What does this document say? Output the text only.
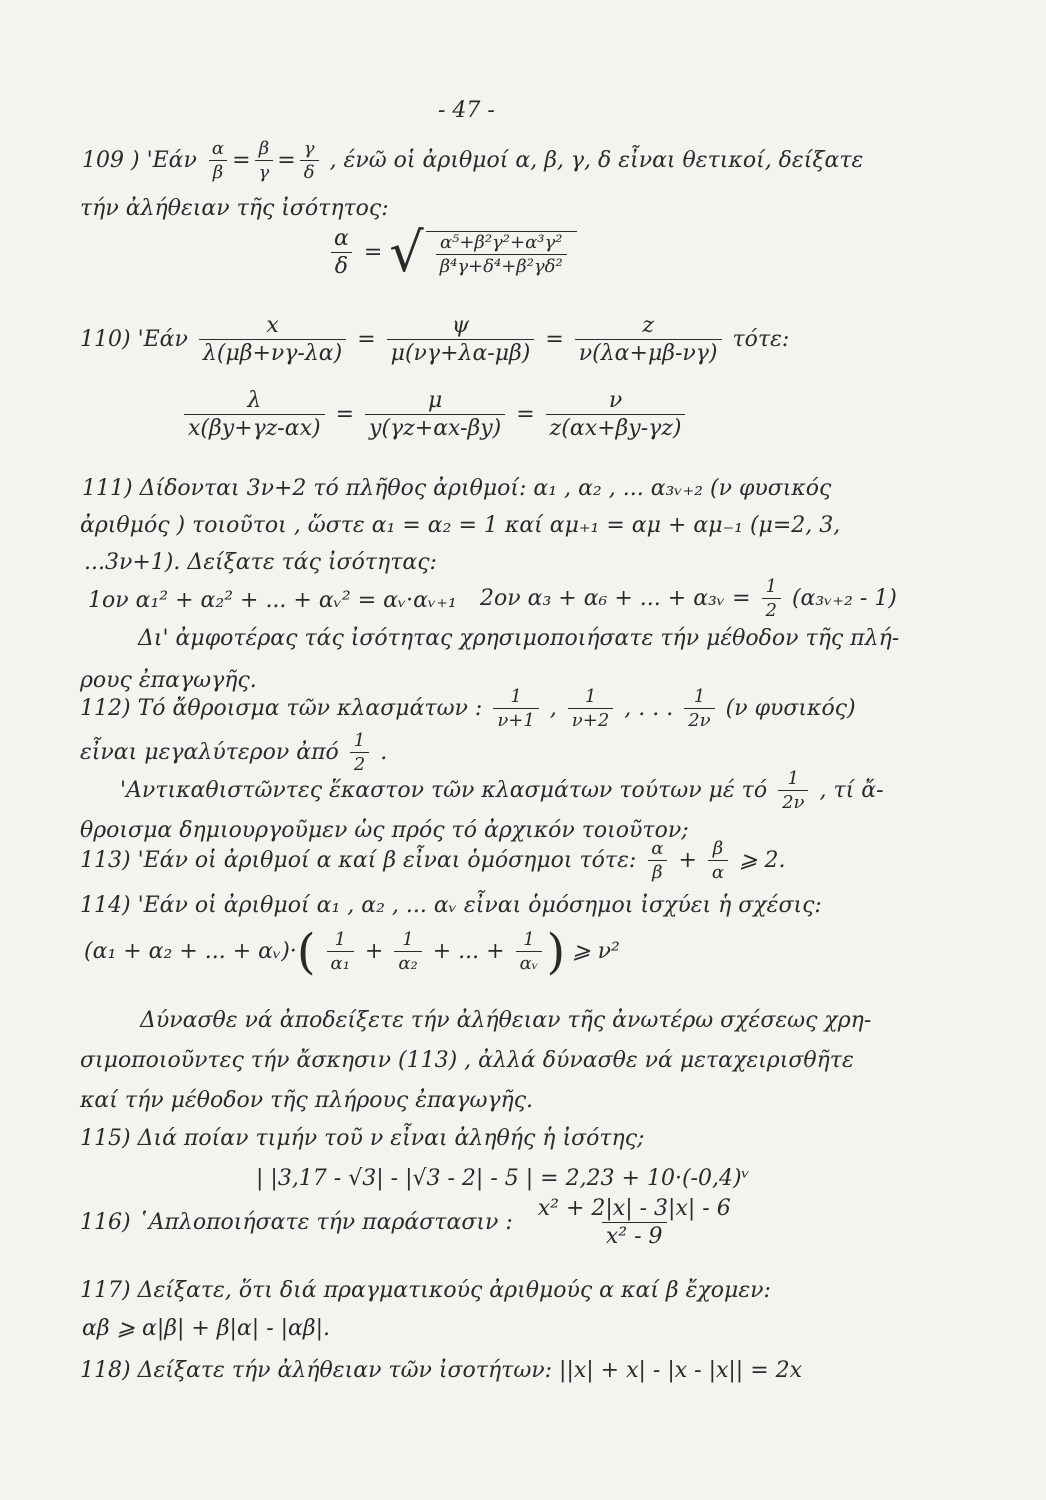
- 47 -
109 ) '$Eά\nu \frac{\alpha}{\beta} = \frac{\beta}{\gamma} = \frac{\gamma}{\delta}$ , ένῶ οἱ ἀριθμοί α, β, γ, δ εἶναι θετικοί, δείξατε
τήν ἀλήθειαν τῆς ἰσότητος:
$\frac{\alpha}{\delta}$ = √ $\frac{\text{α⁵+β²γ²+α³γ²}}{\text{β⁴γ+δ⁴+β²γδ²}}$
110) '$Eά\nu \frac{x}{\lambda(\mu\beta+\nu\gamma-\lambda\alpha)} = \frac{\psi}{\mu(\nu\gamma+\lambda\alpha-\mu\beta)} = \frac{z}{\nu(\lambda\alpha+\mu\beta-\nu\gamma)} \tau ό\tau\varepsilon$:
$\frac{\lambda}{x(\beta y+\gamma z-\alpha x)} = \frac{\mu}{y(\gamma z+\alpha x-\beta y)} = \frac{\nu}{z(\alpha x+\beta y-\gamma z)}$
111) Δίδονται 3ν+2 τό πλῆθος ἀριθμοί: α₁ , α₂ , ... α₃ᵥ₊₂ (ν φυσικός
ἀριθμός ) τοιοῦτοι , ὥστε α₁ = α₂ = 1 καί αμ₊₁ = αμ + αμ₋₁ (μ=2, 3,
...3ν+1). Δείξατε τάς ἰσότητας:
1ον α₁² + α₂² + ... + αᵥ² = αᵥ·αᵥ₊₁ 2ον α₃ + α₆ + ... + α₃ᵥ = $\frac{1}{2}$ (α₃ᵥ₊₂ - 1)
Δι' ἀμφοτέρας τάς ἰσότητας χρησιμοποιήσατε τήν μέθοδον τῆς πλή-
ρους ἐπαγωγῆς.
112) Τό ἄθροισμα τῶν κλασμάτων : $\frac{1}{\nu+1}$ , $\frac{1}{\nu+2}$ , . . . $\frac{1}{2\nu} (\nu$ φυσικός)
εἶναι μεγαλύτερον ἀπό $\frac{1}{2}$ .
'Αντικαθιστῶντες ἕκαστον τῶν κλασμάτων τούτων μέ τό $\frac{1}{2\nu}$ , τί ἄ-
θροισμα δημιουργοῦμεν ὡς πρός τό ἀρχικόν τοιοῦτον;
113) 'Εάν οἱ ἀριθμοί α καί β εἶναι ὁμόσημοι τότε: $\frac{\alpha}{\beta} + \frac{\beta}{\alpha}$ ⩾ 2.
114) 'Εάν οἱ ἀριθμοί α₁ , α₂ , ... αᵥ εἶναι ὁμόσημοι ἰσχύει ἡ σχέσις:
(α₁ + α₂ + ... + αᵥ)·( $\frac{1}{\text{α₁}} + \frac{1}{\text{α₂}}$ + ... + $\frac{1}{\text{αᵥ}}$ ) ⩾ ν²
Δύνασθε νά ἀποδείξετε τήν ἀλήθειαν τῆς ἀνωτέρω σχέσεως χρη-
σιμοποιοῦντες τήν ἄσκησιν (113) , ἀλλά δύνασθε νά μεταχειρισθῆτε
καί τήν μέθοδον τῆς πλήρους ἐπαγωγῆς.
115) Διά ποίαν τιμήν τοῦ ν εἶναι ἀληθής ἡ ἰσότης;
| |3,17 - √3| - |√3 - 2| - 5 | = 2,23 + 10·(-0,4)ᵛ
116) ῾Απλοποιήσατε τήν παράστασιν : $\frac{\text{x² + 2|x| - 3|x| - 6}}{\text{x² - 9}}$
117) Δείξατε, ὅτι διά πραγματικούς ἀριθμούς α καί β ἔχομεν:
αβ ⩾ α|β| + β|α| - |αβ|.
118) Δείξατε τήν ἀλήθειαν τῶν ἰσοτήτων: ||x| + x| - |x - |x|| = 2x
